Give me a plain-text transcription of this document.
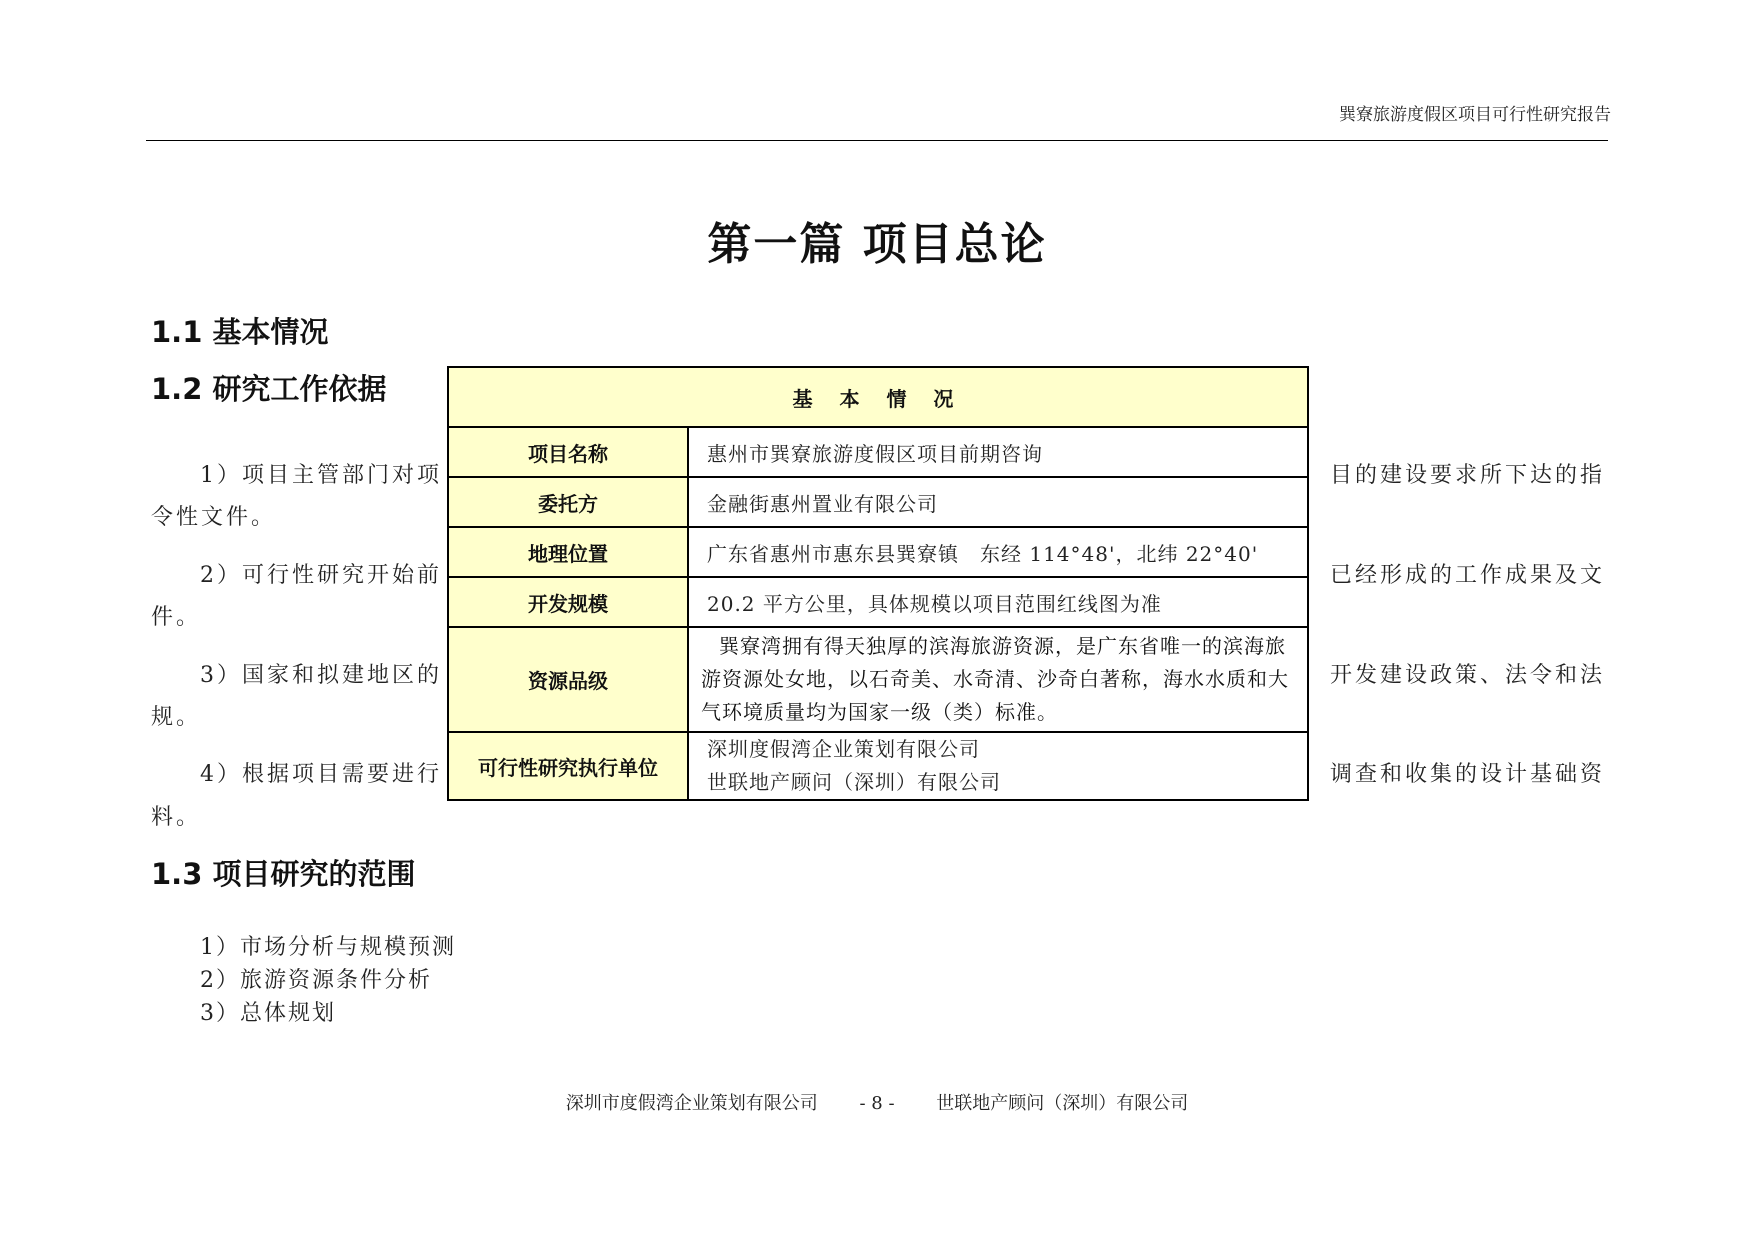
巽寮旅游度假区项目可行性研究报告
第一篇 项目总论
1.1 基本情况
1.2 研究工作依据
1）项目主管部门对项	目的建设要求所下达的指
令性文件。
2）可行性研究开始前	已经形成的工作成果及文
件。
3）国家和拟建地区的	开发建设政策、法令和法
规。
4）根据项目需要进行	调查和收集的设计基础资
料。
基 本 情 况	
项目名称	惠州市巽寮旅游度假区项目前期咨询
委托方	金融街惠州置业有限公司
地理位置	广东省惠州市惠东县巽寮镇　东经 114°48'，北纬 22°40'
开发规模	20.2 平方公里，具体规模以项目范围红线图为准
资源品级	巽寮湾拥有得天独厚的滨海旅游资源，是广东省唯一的滨海旅游资源处女地，以石奇美、水奇清、沙奇白著称，海水水质和大气环境质量均为国家一级（类）标准。
可行性研究执行单位	深圳度假湾企业策划有限公司
世联地产顾问（深圳）有限公司
1.3 项目研究的范围
1）市场分析与规模预测
2）旅游资源条件分析
3）总体规划
深圳市度假湾企业策划有限公司 - 8 - 世联地产顾问（深圳）有限公司
